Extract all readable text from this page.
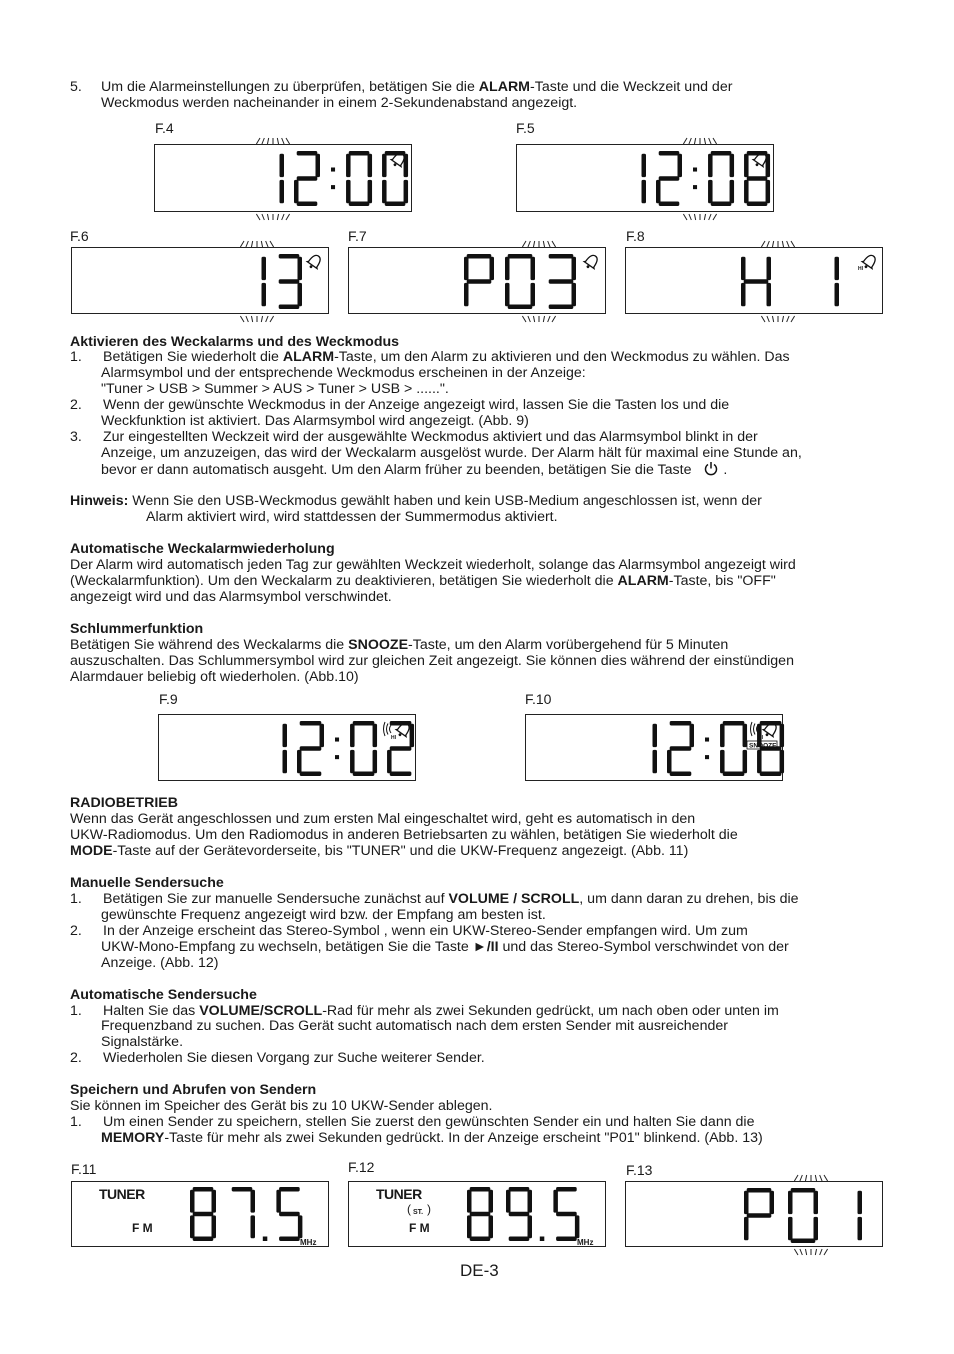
5. Um die Alarmeinstellungen zu überprüfen, betätigen Sie die ALARM-Taste und die Weckzeit und der
Weckmodus werden nacheinander in einem 2-Sekundenabstand angezeigt.
F.4	F.5
F.6	F.7	F.8
HI
Aktivieren des Weckalarms und des Weckmodus
1. Betätigen Sie wiederholt die ALARM-Taste, um den Alarm zu aktivieren und den Weckmodus zu wählen. Das
Alarmsymbol und der entsprechende Weckmodus erscheinen in der Anzeige:
"Tuner > USB > Summer > AUS > Tuner > USB > ......".
2. Wenn der gewünschte Weckmodus in der Anzeige angezeigt wird, lassen Sie die Tasten los und die
Weckfunktion ist aktiviert. Das Alarmsymbol wird angezeigt. (Abb. 9)
3. Zur eingestellten Weckzeit wird der ausgewählte Weckmodus aktiviert und das Alarmsymbol blinkt in der
Anzeige, um anzuzeigen, das wird der Weckalarm ausgelöst wurde. Der Alarm hält für maximal eine Stunde an,
bevor er dann automatisch ausgeht. Um den Alarm früher zu beenden, betätigen Sie die Taste .
Hinweis: Wenn Sie den USB-Weckmodus gewählt haben und kein USB-Medium angeschlossen ist, wenn der
Alarm aktiviert wird, wird stattdessen der Summermodus aktiviert.
Automatische Weckalarmwiederholung
Der Alarm wird automatisch jeden Tag zur gewählten Weckzeit wiederholt, solange das Alarmsymbol angezeigt wird
(Weckalarmfunktion). Um den Weckalarm zu deaktivieren, betätigen Sie wiederholt die ALARM-Taste, bis "OFF"
angezeigt wird und das Alarmsymbol verschwindet.
Schlummerfunktion
Betätigen Sie während des Weckalarms die SNOOZE-Taste, um den Alarm vorübergehend für 5 Minuten
auszuschalten. Das Schlummersymbol wird zur gleichen Zeit angezeigt. Sie können dies während der einstündigen
Alarmdauer beliebig oft wiederholen. (Abb.10)
F.9	F.10
HI	HI
SNOOZE
RADIOBETRIEB
Wenn das Gerät angeschlossen und zum ersten Mal eingeschaltet wird, geht es automatisch in den
UKW-Radiomodus. Um den Radiomodus in anderen Betriebsarten zu wählen, betätigen Sie wiederholt die
MODE-Taste auf der Gerätevorderseite, bis "TUNER" und die UKW-Frequenz angezeigt. (Abb. 11)
Manuelle Sendersuche
1. Betätigen Sie zur manuelle Sendersuche zunächst auf VOLUME / SCROLL, um dann daran zu drehen, bis die
gewünschte Frequenz angezeigt wird bzw. der Empfang am besten ist.
2. In der Anzeige erscheint das Stereo-Symbol , wenn ein UKW-Stereo-Sender empfangen wird. Um zum
UKW-Mono-Empfang zu wechseln, betätigen Sie die Taste ►/II und das Stereo-Symbol verschwindet von der
Anzeige. (Abb. 12)
Automatische Sendersuche
1. Halten Sie das VOLUME/SCROLL-Rad für mehr als zwei Sekunden gedrückt, um nach oben oder unten im
Frequenzband zu suchen. Das Gerät sucht automatisch nach dem ersten Sender mit ausreichender
Signalstärke.
2. Wiederholen Sie diesen Vorgang zur Suche weiterer Sender.
Speichern und Abrufen von Sendern
Sie können im Speicher des Gerät bis zu 10 UKW-Sender ablegen.
1. Um einen Sender zu speichern, stellen Sie zuerst den gewünschten Sender ein und halten Sie dann die
MEMORY-Taste für mehr als zwei Sekunden gedrückt. In der Anzeige erscheint "P01" blinkend. (Abb. 13)
F.11	F.12	F.13
TUNER
F M
MHz
TUNER
( ST. )
F M
MHz
DE-3
